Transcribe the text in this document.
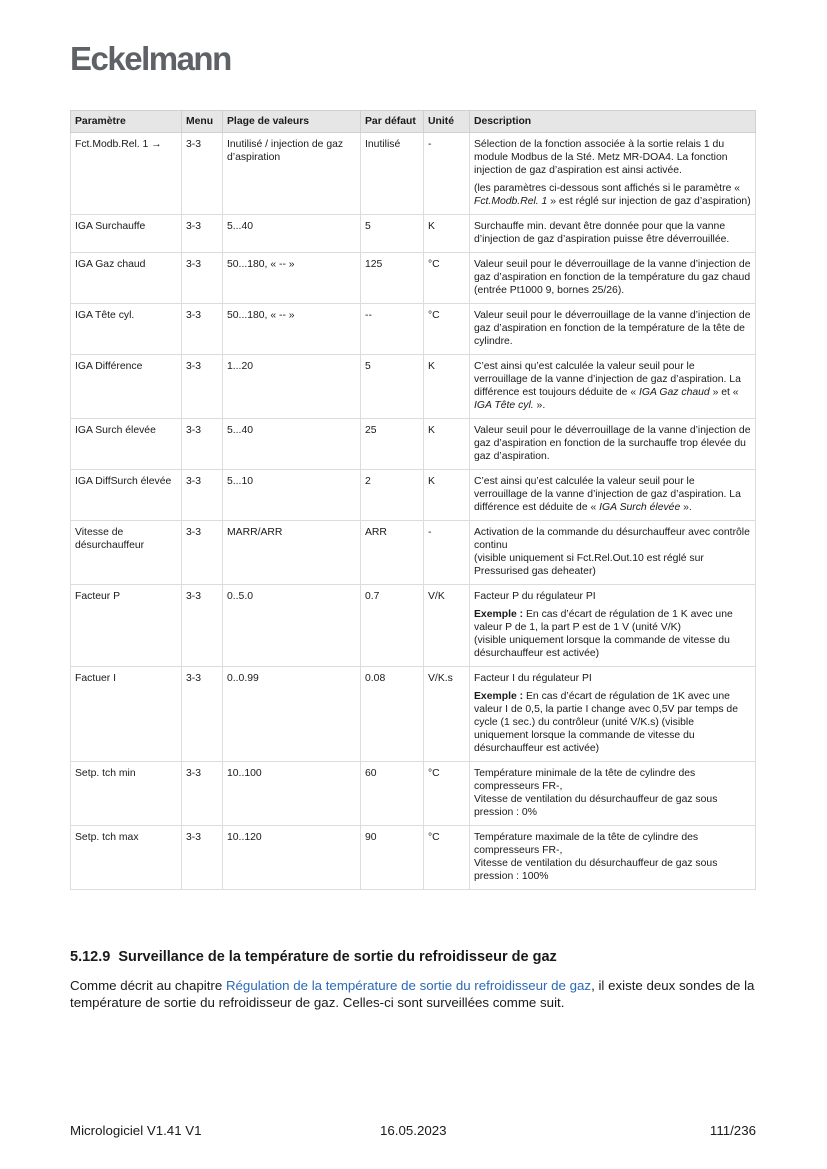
Eckelmann
Paramètre	Menu	Plage de valeurs	Par défaut	Unité	Description
Fct.Modb.Rel. 1 →	3-3	Inutilisé / injection de gaz d’aspiration	Inutilisé	-	Sélection de la fonction associée à la sortie relais 1 du module Modbus de la Sté. Metz MR-DOA4. La fonction injection de gaz d’aspiration est ainsi activée.

(les paramètres ci-dessous sont affichés si le paramètre « Fct.Modb.Rel. 1 » est réglé sur injection de gaz d’aspiration)

IGA Surchauffe	3-3	5...40	5	K	Surchauffe min. devant être donnée pour que la vanne d’injection de gaz d’aspiration puisse être déverrouillée.
IGA Gaz chaud	3-3	50...180, « -- »	125	°C	Valeur seuil pour le déverrouillage de la vanne d’injection de gaz d’aspiration en fonction de la température du gaz chaud (entrée Pt1000 9, bornes 25/26).
IGA Tête cyl.	3-3	50...180, « -- »	--	°C	Valeur seuil pour le déverrouillage de la vanne d’injection de gaz d’aspiration en fonction de la température de la tête de cylindre.
IGA Différence	3-3	1...20	5	K	C’est ainsi qu’est calculée la valeur seuil pour le verrouillage de la vanne d’injection de gaz d’aspiration. La différence est toujours déduite de « IGA Gaz chaud » et « IGA Tête cyl. ».
IGA Surch élevée	3-3	5...40	25	K	Valeur seuil pour le déverrouillage de la vanne d’injection de gaz d’aspiration en fonction de la surchauffe trop élevée du gaz d’aspiration.
IGA DiffSurch élevée	3-3	5...10	2	K	C’est ainsi qu’est calculée la valeur seuil pour le verrouillage de la vanne d’injection de gaz d’aspiration. La différence est déduite de « IGA Surch élevée ».
Vitesse de désurchauffeur	3-3	MARR/ARR	ARR	-	Activation de la commande du désurchauffeur avec contrôle continu
(visible uniquement si Fct.Rel.Out.10 est réglé sur Pressurised gas deheater)
Facteur P	3-3	0..5.0	0.7	V/K	Facteur P du régulateur PI

Exemple : En cas d’écart de régulation de 1 K avec une valeur P de 1, la part P est de 1 V (unité V/K)
(visible uniquement lorsque la commande de vitesse du désurchauffeur est activée)

Factuer I	3-3	0..0.99	0.08	V/K.s	Facteur I du régulateur PI

Exemple : En cas d’écart de régulation de 1K avec une valeur I de 0,5, la partie I change avec 0,5V par temps de cycle (1 sec.) du contrôleur (unité V/K.s) (visible uniquement lorsque la commande de vitesse du désurchauffeur est activée)

Setp. tch min	3-3	10..100	60	°C	Température minimale de la tête de cylindre des compresseurs FR-,
Vitesse de ventilation du désurchauffeur de gaz sous pression : 0%
Setp. tch max	3-3	10..120	90	°C	Température maximale de la tête de cylindre des compresseurs FR-,
Vitesse de ventilation du désurchauffeur de gaz sous pression : 100%
5.12.9 Surveillance de la température de sortie du refroidisseur de gaz

Comme décrit au chapitre Régulation de la température de sortie du refroidisseur de gaz, il existe deux sondes de la température de sortie du refroidisseur de gaz. Celles-ci sont surveillées comme suit.

Micrologiciel V1.41 V1	16.05.2023	111/236
